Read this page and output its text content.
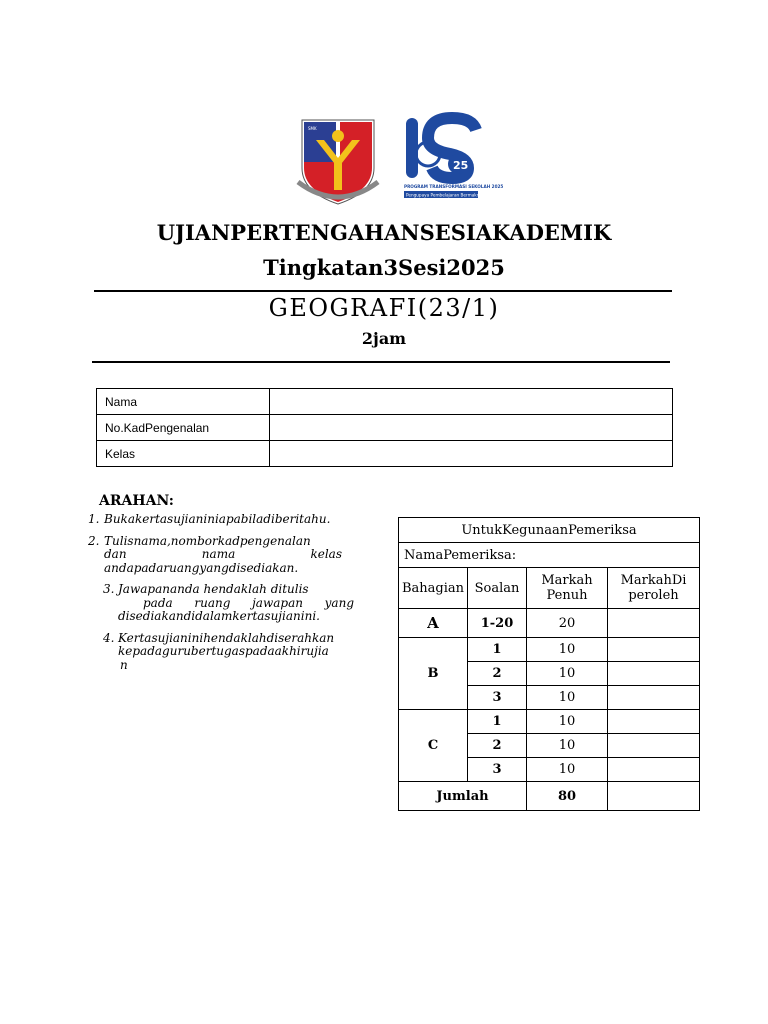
SMK
25
PROGRAM TRANSFORMASI SEKOLAH 2025
Pengupaya Pembelajaran Bermakna
UJIANPERTENGAHANSESIAKADEMIK
Tingkatan3Sesi2025
GEOGRAFI(23/1)
2jam
Nama	
No.KadPengenalan	
Kelas	
ARAHAN:
1. Bukakertasujianiniapabiladiberitahu.
2. Tulisnama,nomborkadpengenalan
dan nama kelas
andapadaruangyangdisediakan.
3. Jawapananda hendaklah ditulis
pada ruang jawapan yang
disediakandidalamkertasujianini.
4. Kertasujianinihendaklahdiserahkan
kepadagurubertugaspadaakhirujia
n
UntukKegunaanPemeriksa			
NamaPemeriksa:			
Bahagian	Soalan	Markah Penuh	MarkahDi peroleh
A	1-20	20	
B	1	10	
	2	10	
	3	10	
C	1	10	
	2	10	
	3	10	
Jumlah		80	
